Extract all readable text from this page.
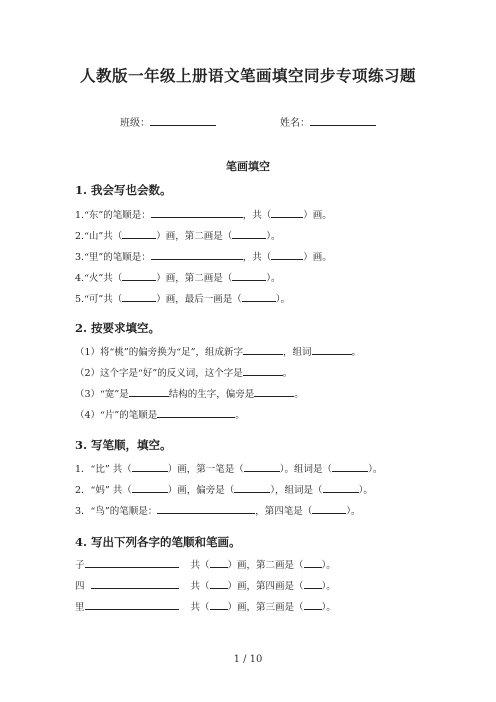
人教版一年级上册语文笔画填空同步专项练习题
班级：	姓名：
笔画填空
1. 我会写也会数。
1.“东”的笔顺是：	，共（	）画。
2.“山”共（	）画，第二画是（	）。
3.“里”的笔顺是：	，共（	）画。
4.“火”共（	）画，第二画是（	）。
5.“可”共（	）画，最后一画是（	）。
2. 按要求填空。
（1）将“桃”的偏旁换为“足”，组成新字	，组词	。
（2）这个字是“好”的反义词，这个字是	。
（3）“宽”是	结构的生字，偏旁是	。
（4）“片”的笔顺是	。
3. 写笔顺，填空。
1．“比” 共（	）画，第一笔是（	）。组词是（	）。
2．“妈” 共（	）画，偏旁是（	），组词是（	）。
3．“鸟”的笔顺是：	，第四笔是（	）。
4. 写出下列各字的笔顺和笔画。
子	共（ ）画，第二画是（ ）。
四	共（ ）画，第四画是（ ）。
里	共（ ）画，第三画是（ ）。
1 / 10
